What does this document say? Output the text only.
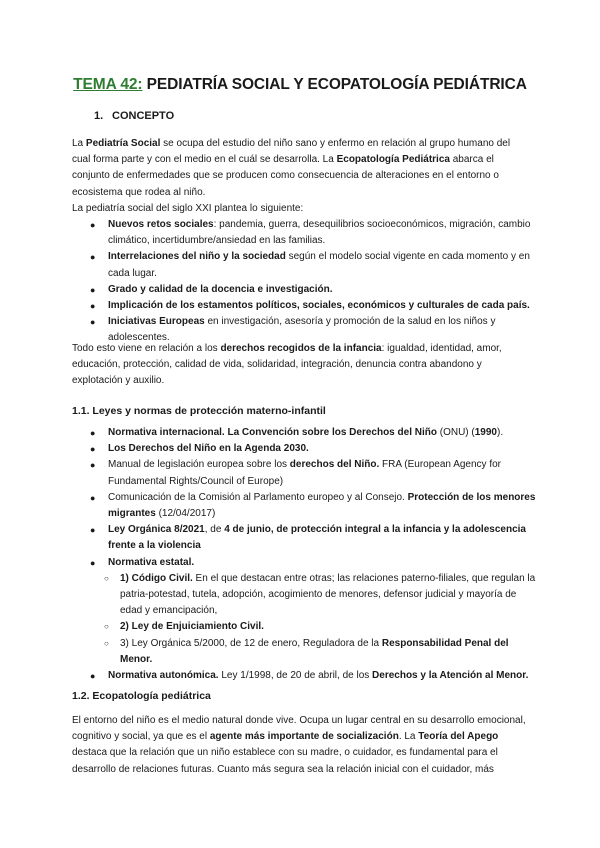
TEMA 42: PEDIATRÍA SOCIAL Y ECOPATOLOGÍA PEDIÁTRICA
1. CONCEPTO
La Pediatría Social se ocupa del estudio del niño sano y enfermo en relación al grupo humano del cual forma parte y con el medio en el cuál se desarrolla. La Ecopatología Pediátrica abarca el conjunto de enfermedades que se producen como consecuencia de alteraciones en el entorno o ecosistema que rodea al niño.
La pediatría social del siglo XXI plantea lo siguiente:
● Nuevos retos sociales: pandemia, guerra, desequilibrios socioeconómicos, migración, cambio climático, incertidumbre/ansiedad en las familias.
● Interrelaciones del niño y la sociedad según el modelo social vigente en cada momento y en cada lugar.
● Grado y calidad de la docencia e investigación.
● Implicación de los estamentos políticos, sociales, económicos y culturales de cada país.
● Iniciativas Europeas en investigación, asesoría y promoción de la salud en los niños y adolescentes.
Todo esto viene en relación a los derechos recogidos de la infancia: igualdad, identidad, amor, educación, protección, calidad de vida, solidaridad, integración, denuncia contra abandono y explotación y auxilio.
1.1. Leyes y normas de protección materno-infantil
● Normativa internacional. La Convención sobre los Derechos del Niño (ONU) (1990).
● Los Derechos del Niño en la Agenda 2030.
● Manual de legislación europea sobre los derechos del Niño. FRA (European Agency for Fundamental Rights/Council of Europe)
● Comunicación de la Comisión al Parlamento europeo y al Consejo. Protección de los menores migrantes (12/04/2017)
● Ley Orgánica 8/2021, de 4 de junio, de protección integral a la infancia y la adolescencia frente a la violencia
● Normativa estatal.
○ 1) Código Civil. En el que destacan entre otras; las relaciones paterno-filiales, que regulan la patria-potestad, tutela, adopción, acogimiento de menores, defensor judicial y mayoría de edad y emancipación,
○ 2) Ley de Enjuiciamiento Civil.
○ 3) Ley Orgánica 5/2000, de 12 de enero, Reguladora de la Responsabilidad Penal del Menor.
● Normativa autonómica. Ley 1/1998, de 20 de abril, de los Derechos y la Atención al Menor.
1.2. Ecopatología pediátrica
El entorno del niño es el medio natural donde vive. Ocupa un lugar central en su desarrollo emocional, cognitivo y social, ya que es el agente más importante de socialización. La Teoría del Apego destaca que la relación que un niño establece con su madre, o cuidador, es fundamental para el desarrollo de relaciones futuras. Cuanto más segura sea la relación inicial con el cuidador, más
